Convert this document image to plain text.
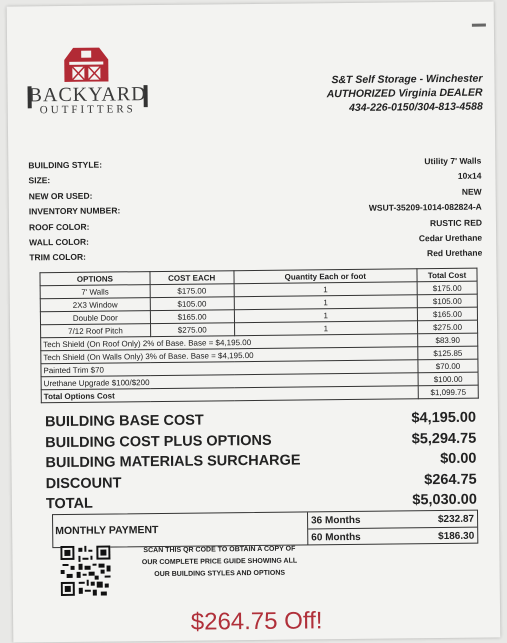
BACKYARD
OUTFITTERS
S&T Self Storage - Winchester
AUTHORIZED Virginia DEALER
434-226-0150/304-813-4588
BUILDING STYLE:	Utility 7' Walls
SIZE:	10x14
NEW OR USED:	NEW
INVENTORY NUMBER:	WSUT-35209-1014-082824-A
ROOF COLOR:	RUSTIC RED
WALL COLOR:	Cedar Urethane
TRIM COLOR:	Red Urethane
OPTIONS	COST EACH	Quantity Each or foot	Total Cost
7' Walls	$175.00	1	$175.00
2X3 Window	$105.00	1	$105.00
Double Door	$165.00	1	$165.00
7/12 Roof Pitch	$275.00	1	$275.00
Tech Shield (On Roof Only) 2% of Base. Base = $4,195.00			$83.90
Tech Shield (On Walls Only) 3% of Base. Base = $4,195.00			$125.85
Painted Trim $70			$70.00
Urethane Upgrade $100/$200			$100.00
Total Options Cost			$1,099.75
BUILDING BASE COST	$4,195.00
BUILDING COST PLUS OPTIONS	$5,294.75
BUILDING MATERIALS SURCHARGE	$0.00
DISCOUNT	$264.75
TOTAL	$5,030.00
MONTHLY PAYMENT
36 Months	$232.87
60 Months	$186.30
SCAN THIS QR CODE TO OBTAIN A COPY OF
OUR COMPLETE PRICE GUIDE SHOWING ALL
OUR BUILDING STYLES AND OPTIONS
$264.75 Off!
